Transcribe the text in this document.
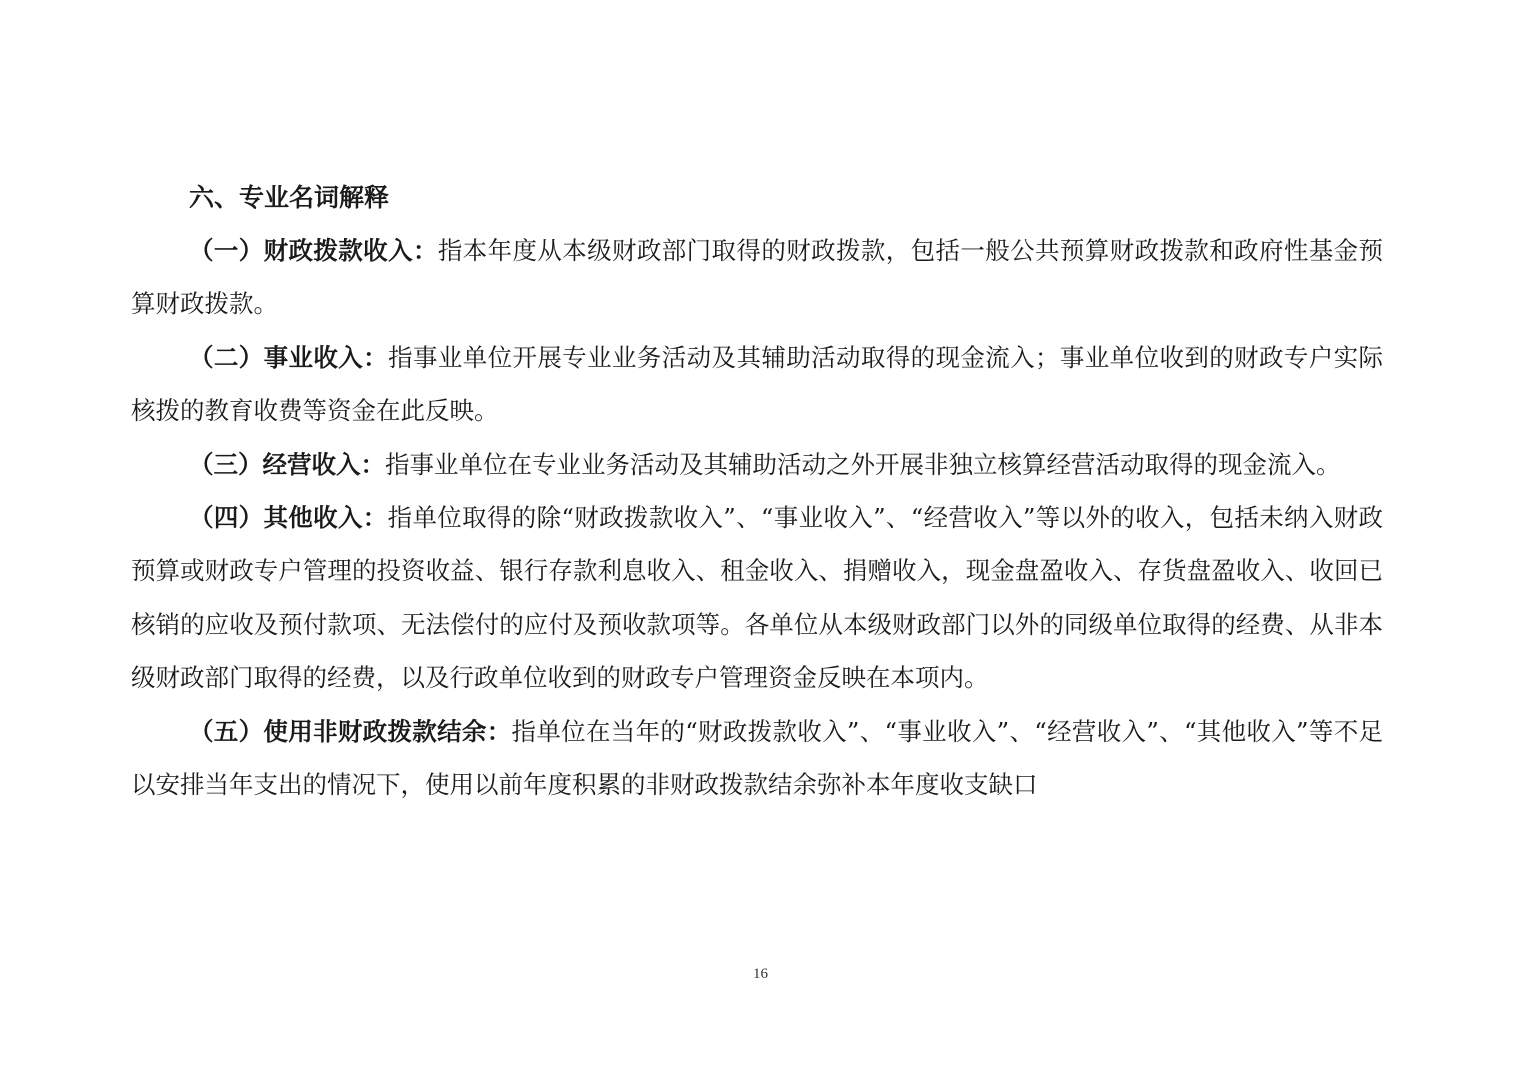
六、专业名词解释

（一）财政拨款收入：指本年度从本级财政部门取得的财政拨款，包括一般公共预算财政拨款和政府性基金预算财政拨款。

（二）事业收入：指事业单位开展专业业务活动及其辅助活动取得的现金流入；事业单位收到的财政专户实际核拨的教育收费等资金在此反映。

（三）经营收入：指事业单位在专业业务活动及其辅助活动之外开展非独立核算经营活动取得的现金流入。

（四）其他收入：指单位取得的除“财政拨款收入”、“事业收入”、“经营收入”等以外的收入，包括未纳入财政预算或财政专户管理的投资收益、银行存款利息收入、租金收入、捐赠收入，现金盘盈收入、存货盘盈收入、收回已核销的应收及预付款项、无法偿付的应付及预收款项等。各单位从本级财政部门以外的同级单位取得的经费、从非本级财政部门取得的经费，以及行政单位收到的财政专户管理资金反映在本项内。

（五）使用非财政拨款结余：指单位在当年的“财政拨款收入”、“事业收入”、“经营收入”、“其他收入”等不足以安排当年支出的情况下，使用以前年度积累的非财政拨款结余弥补本年度收支缺口

16
